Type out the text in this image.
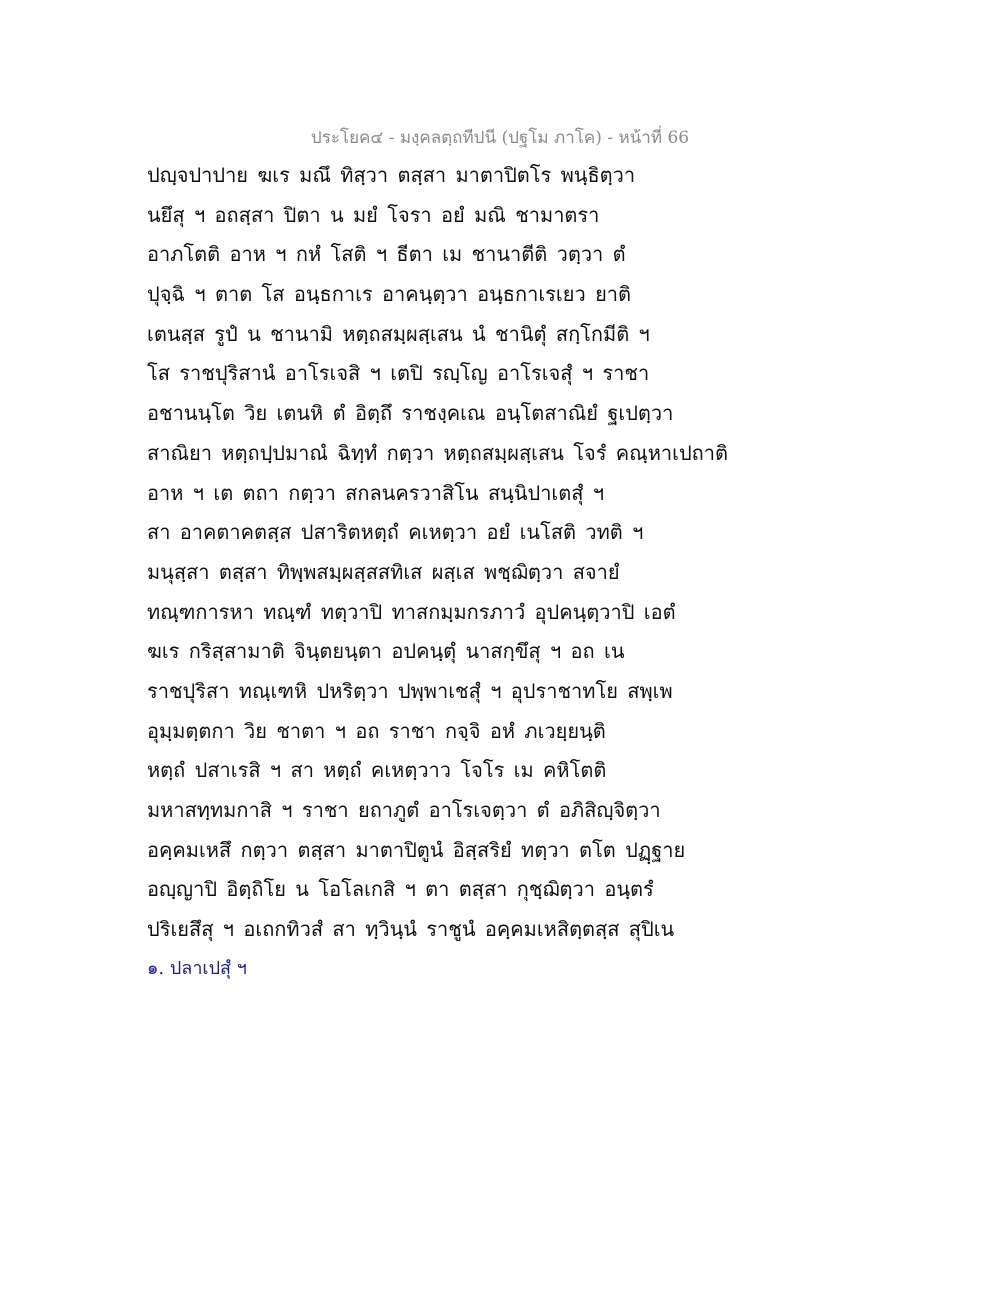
ประโยค๔ - มงฺคลตฺถทีปนี (ปฐโม ภาโค) - หน้าที่ 66
ปญฺจปาปาย ฆเร มณึ ทิสฺวา ตสฺสา มาตาปิตโร พนฺธิตฺวา
นยึสุ ฯ อถสฺสา ปิตา น มยํ โจรา อยํ มณิ ชามาตรา
อาภโตติ อาห ฯ กหํ โสติ ฯ ธีตา เม ชานาตีติ วตฺวา ตํ
ปุจฺฉิ ฯ ตาต โส อนฺธกาเร อาคนฺตฺวา อนฺธกาเรเยว ยาติ
เตนสฺส รูปํ น ชานามิ หตฺถสมฺผสฺเสน นํ ชานิตุํ สกฺโกมีติ ฯ
โส ราชปุริสานํ อาโรเจสิ ฯ เตปิ รญฺโญ อาโรเจสุํ ฯ ราชา
อชานนฺโต วิย เตนหิ ตํ อิตฺถึ ราชงฺคเณ อนฺโตสาณิยํ ฐเปตฺวา
สาณิยา หตฺถปฺปมาณํ ฉิทฺทํ กตฺวา หตฺถสมฺผสฺเสน โจรํ คณฺหาเปถาติ
อาห ฯ เต ตถา กตฺวา สกลนครวาสิโน สนฺนิปาเตสุํ ฯ
สา อาคตาคตสฺส ปสาริตหตฺถํ คเหตฺวา อยํ เนโสติ วทติ ฯ
มนุสฺสา ตสฺสา ทิพฺพสมฺผสฺสสทิเส ผสฺเส พชฺฌิตฺวา สจายํ
ทณฺฑการหา ทณฺฑํ ทตฺวาปิ ทาสกมฺมกรภาวํ อุปคนฺตฺวาปิ เอตํ
ฆเร กริสฺสามาติ จินฺตยนฺตา อปคนฺตุํ นาสกฺขึสุ ฯ อถ เน
ราชปุริสา ทณฺเฑหิ ปหริตฺวา ปพฺพาเชสุํ ฯ อุปราชาทโย สพฺเพ
อุมฺมตฺตกา วิย ชาตา ฯ อถ ราชา กจฺจิ อหํ ภเวยฺยนฺติ
หตฺถํ ปสาเรสิ ฯ สา หตฺถํ คเหตฺวาว โจโร เม คหิโตติ
มหาสทฺทมกาสิ ฯ ราชา ยถาภูตํ อาโรเจตฺวา ตํ อภิสิญฺจิตฺวา
อคฺคมเหสึ กตฺวา ตสฺสา มาตาปิตูนํ อิสฺสริยํ ทตฺวา ตโต ปฏฺฐาย
อญฺญาปิ อิตฺถิโย น โอโลเกสิ ฯ ตา ตสฺสา กุชฺฌิตฺวา อนฺตรํ
ปริเยสึสุ ฯ อเถกทิวสํ สา ทฺวินฺนํ ราชูนํ อคฺคมเหสิตฺตสฺส สุปิเน
๑. ปลาเปสุํ ฯ
